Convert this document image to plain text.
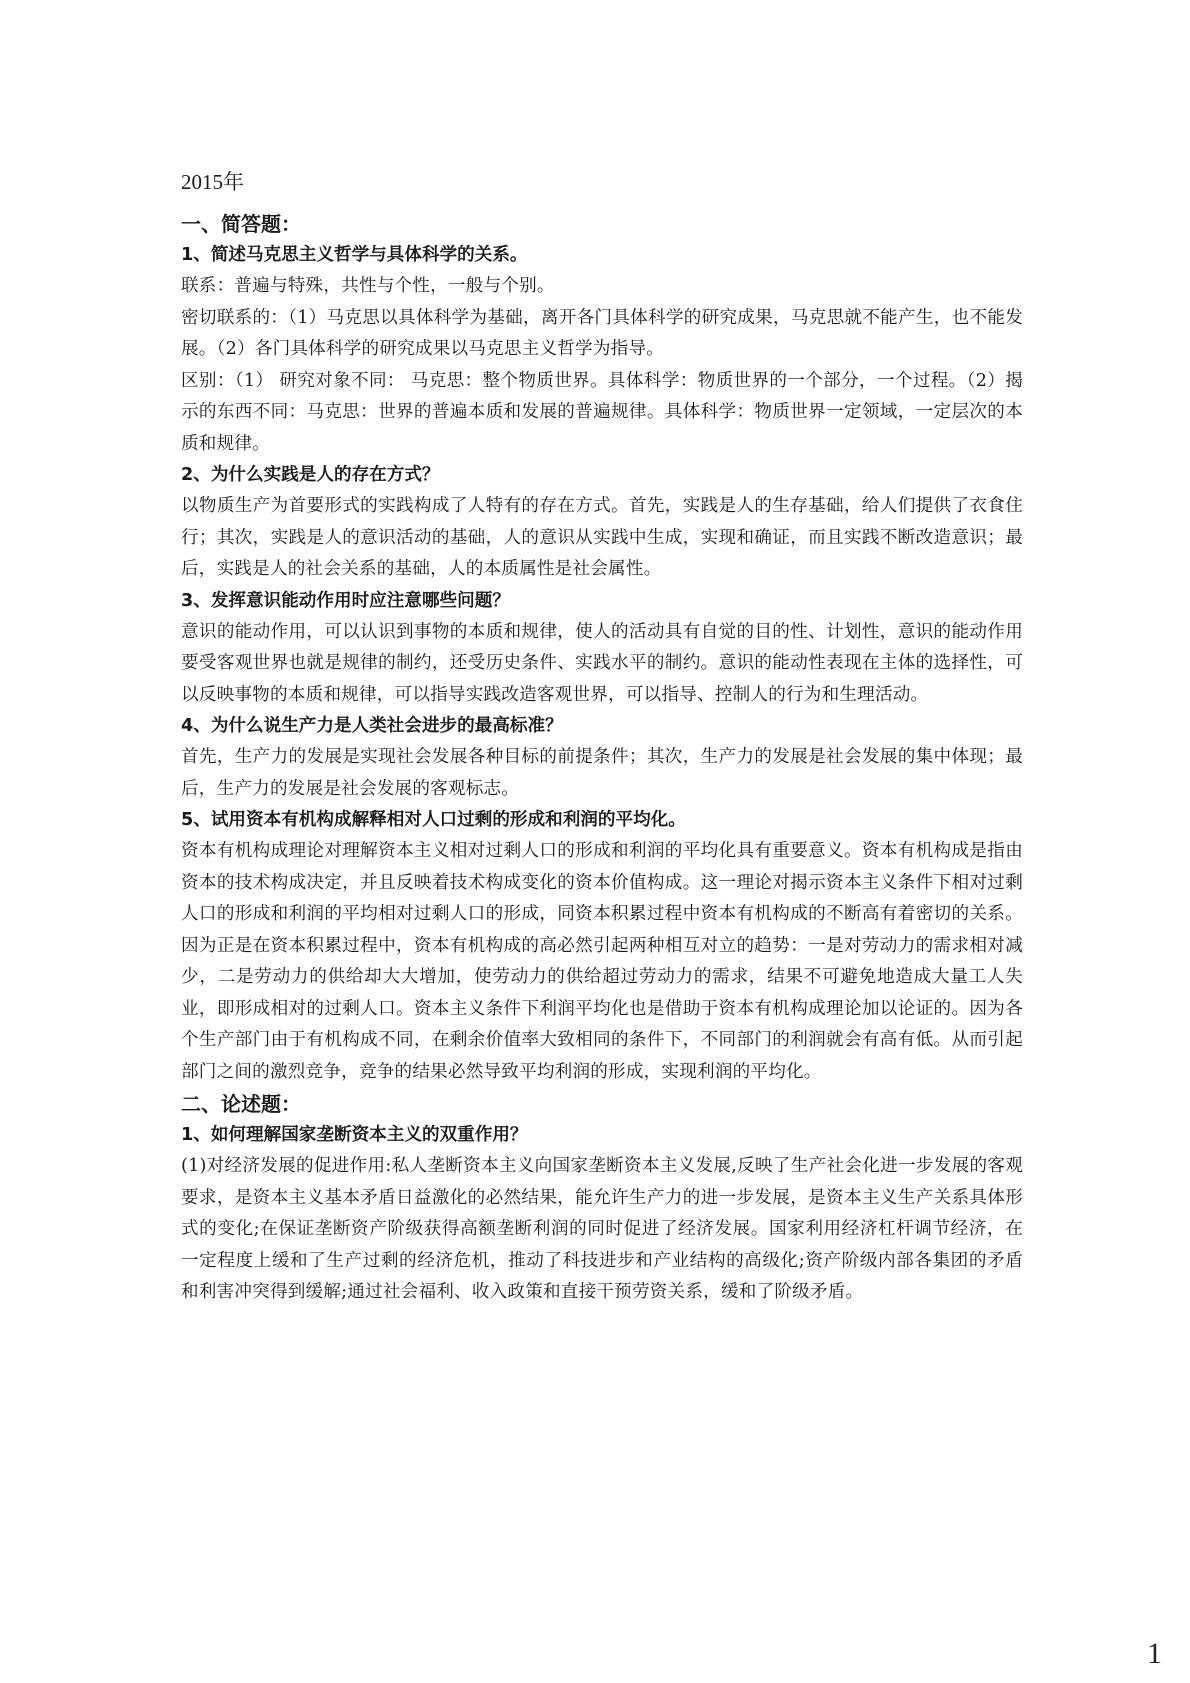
2015年
一、简答题：
1、简述马克思主义哲学与具体科学的关系。

联系：普遍与特殊，共性与个性，一般与个别。

密切联系的：（1）马克思以具体科学为基础，离开各门具体科学的研究成果，马克思就不能产生，也不能发展。（2）各门具体科学的研究成果以马克思主义哲学为指导。

区别：（1） 研究对象不同： 马克思：整个物质世界。具体科学：物质世界的一个部分，一个过程。（2）揭示的东西不同：马克思：世界的普遍本质和发展的普遍规律。具体科学：物质世界一定领域，一定层次的本质和规律。

2、为什么实践是人的存在方式？

以物质生产为首要形式的实践构成了人特有的存在方式。首先，实践是人的生存基础，给人们提供了衣食住行；其次，实践是人的意识活动的基础，人的意识从实践中生成，实现和确证，而且实践不断改造意识；最后，实践是人的社会关系的基础，人的本质属性是社会属性。

3、发挥意识能动作用时应注意哪些问题？

意识的能动作用，可以认识到事物的本质和规律，使人的活动具有自觉的目的性、计划性，意识的能动作用要受客观世界也就是规律的制约，还受历史条件、实践水平的制约。意识的能动性表现在主体的选择性，可以反映事物的本质和规律，可以指导实践改造客观世界，可以指导、控制人的行为和生理活动。

4、为什么说生产力是人类社会进步的最高标准？

首先，生产力的发展是实现社会发展各种目标的前提条件；其次，生产力的发展是社会发展的集中体现；最后，生产力的发展是社会发展的客观标志。

5、试用资本有机构成解释相对人口过剩的形成和利润的平均化。

资本有机构成理论对理解资本主义相对过剩人口的形成和利润的平均化具有重要意义。资本有机构成是指由资本的技术构成决定，并且反映着技术构成变化的资本价值构成。这一理论对揭示资本主义条件下相对过剩人口的形成和利润的平均相对过剩人口的形成，同资本积累过程中资本有机构成的不断高有着密切的关系。因为正是在资本积累过程中，资本有机构成的高必然引起两种相互对立的趋势：一是对劳动力的需求相对减少，二是劳动力的供给却大大增加，使劳动力的供给超过劳动力的需求，结果不可避免地造成大量工人失业，即形成相对的过剩人口。资本主义条件下利润平均化也是借助于资本有机构成理论加以论证的。因为各个生产部门由于有机构成不同，在剩余价值率大致相同的条件下，不同部门的利润就会有高有低。从而引起部门之间的激烈竞争，竞争的结果必然导致平均利润的形成，实现利润的平均化。

二、论述题：
1、如何理解国家垄断资本主义的双重作用？

(1)对经济发展的促进作用:私人垄断资本主义向国家垄断资本主义发展,反映了生产社会化进一步发展的客观要求，是资本主义基本矛盾日益激化的必然结果，能允许生产力的进一步发展，是资本主义生产关系具体形式的变化;在保证垄断资产阶级获得高额垄断利润的同时促进了经济发展。国家利用经济杠杆调节经济，在一定程度上缓和了生产过剩的经济危机，推动了科技进步和产业结构的高级化;资产阶级内部各集团的矛盾和利害冲突得到缓解;通过社会福利、收入政策和直接干预劳资关系，缓和了阶级矛盾。

1
